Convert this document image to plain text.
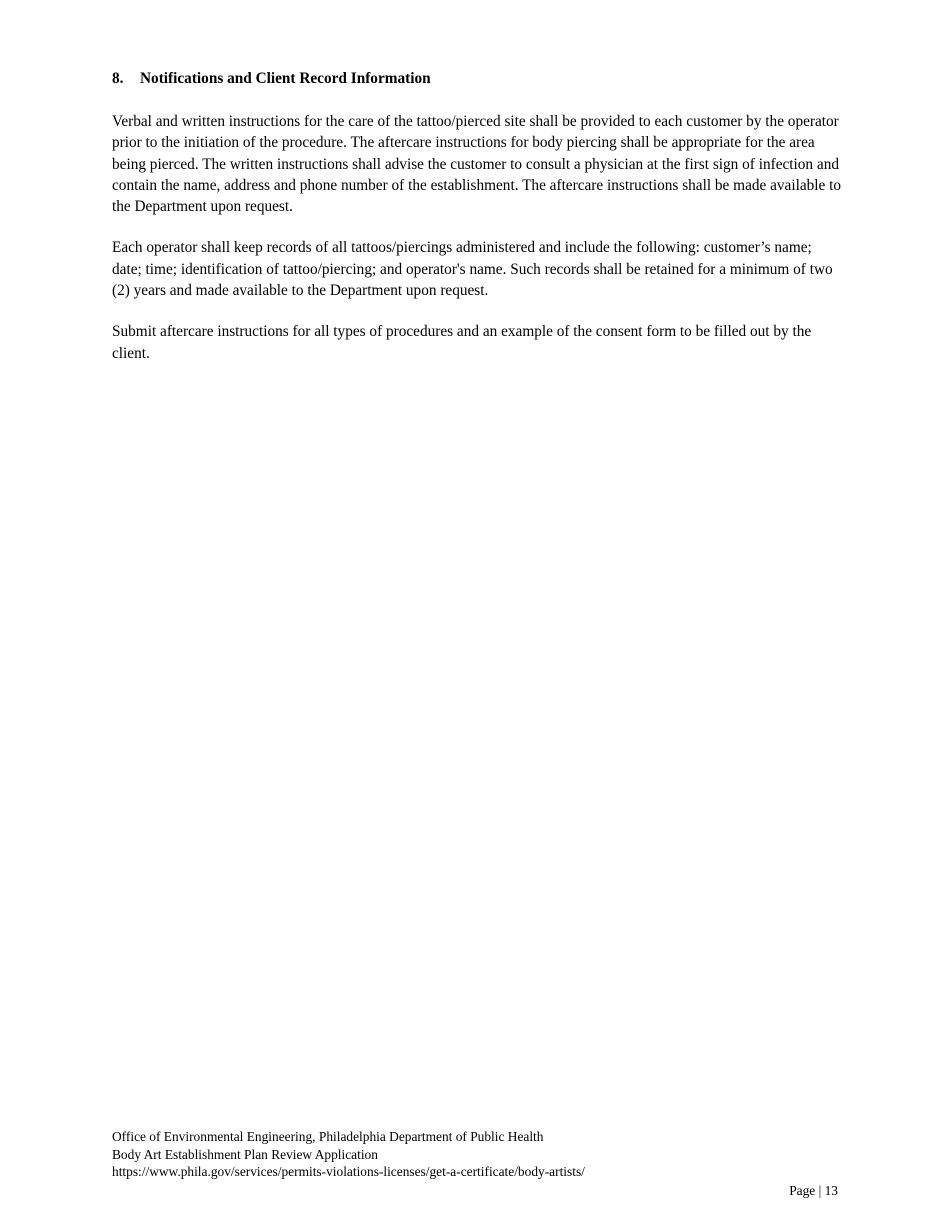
8. Notifications and Client Record Information

Verbal and written instructions for the care of the tattoo/pierced site shall be provided to each customer by the operator prior to the initiation of the procedure. The aftercare instructions for body piercing shall be appropriate for the area being pierced. The written instructions shall advise the customer to consult a physician at the first sign of infection and contain the name, address and phone number of the establishment. The aftercare instructions shall be made available to the Department upon request.

Each operator shall keep records of all tattoos/piercings administered and include the following: customer’s name; date; time; identification of tattoo/piercing; and operator's name. Such records shall be retained for a minimum of two (2) years and made available to the Department upon request.

Submit aftercare instructions for all types of procedures and an example of the consent form to be filled out by the client.

Office of Environmental Engineering, Philadelphia Department of Public Health
Body Art Establishment Plan Review Application
https://www.phila.gov/services/permits-violations-licenses/get-a-certificate/body-artists/
Page | 13
